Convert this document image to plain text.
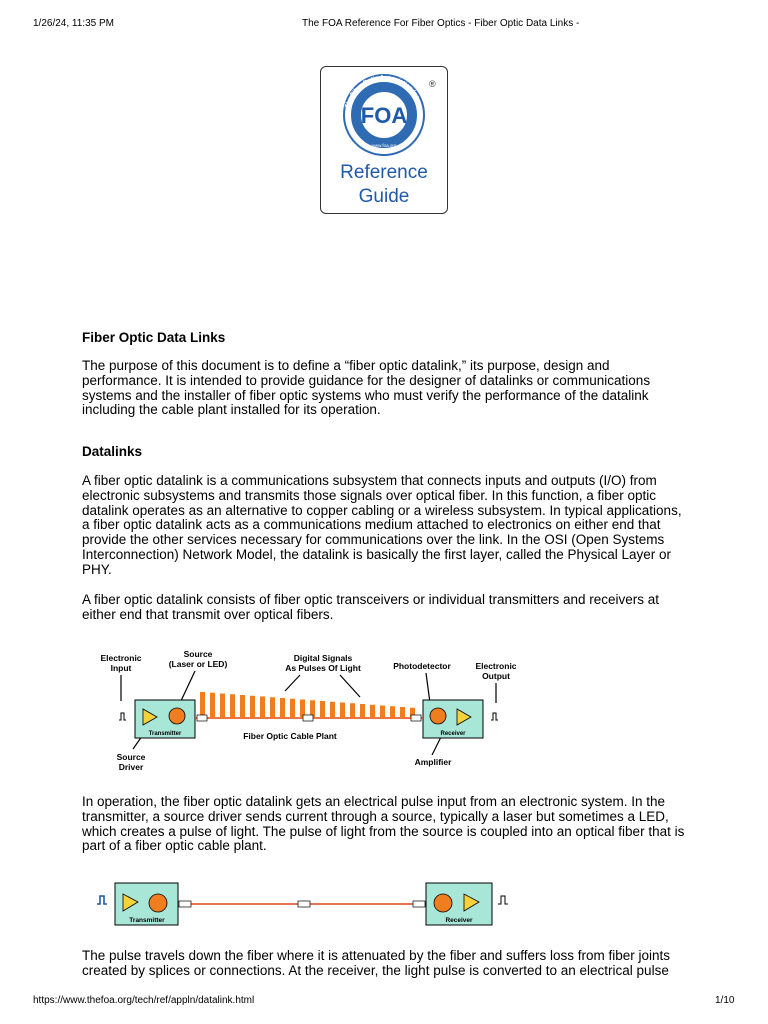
1/26/24, 11:35 PM	The FOA Reference For Fiber Optics - Fiber Optic Data Links -
The Fiber Optic Association Inc.
FOA
www.foa.org
®
Reference
Guide

Fiber Optic Data Links

The purpose of this document is to define a “fiber optic datalink,” its purpose, design and performance. It is intended to provide guidance for the designer of datalinks or communications systems and the installer of fiber optic systems who must verify the performance of the datalink including the cable plant installed for its operation.

Datalinks

A fiber optic datalink is a communications subsystem that connects inputs and outputs (I/O) from electronic subsystems and transmits those signals over optical fiber. In this function, a fiber optic datalink operates as an alternative to copper cabling or a wireless subsystem. In typical applications, a fiber optic datalink acts as a communications medium attached to electronics on either end that provide the other services necessary for communications over the link. In the OSI (Open Systems Interconnection) Network Model, the datalink is basically the first layer, called the Physical Layer or PHY.

A fiber optic datalink consists of fiber optic transceivers or individual transmitters and receivers at either end that transmit over optical fibers.

Electronic
Input
Source
(Laser or LED)
Digital Signals
As Pulses Of Light	Photodetector	Electronic
Output
Fiber Optic Cable Plant
Source
Driver	Amplifier
Transmitter	Receiver

In operation, the fiber optic datalink gets an electrical pulse input from an electronic system. In the transmitter, a source driver sends current through a source, typically a laser but sometimes a LED, which creates a pulse of light. The pulse of light from the source is coupled into an optical fiber that is part of a fiber optic cable plant.

Transmitter	Receiver

The pulse travels down the fiber where it is attenuated by the fiber and suffers loss from fiber joints created by splices or connections. At the receiver, the light pulse is converted to an electrical pulse

https://www.thefoa.org/tech/ref/appln/datalink.html	1/10
